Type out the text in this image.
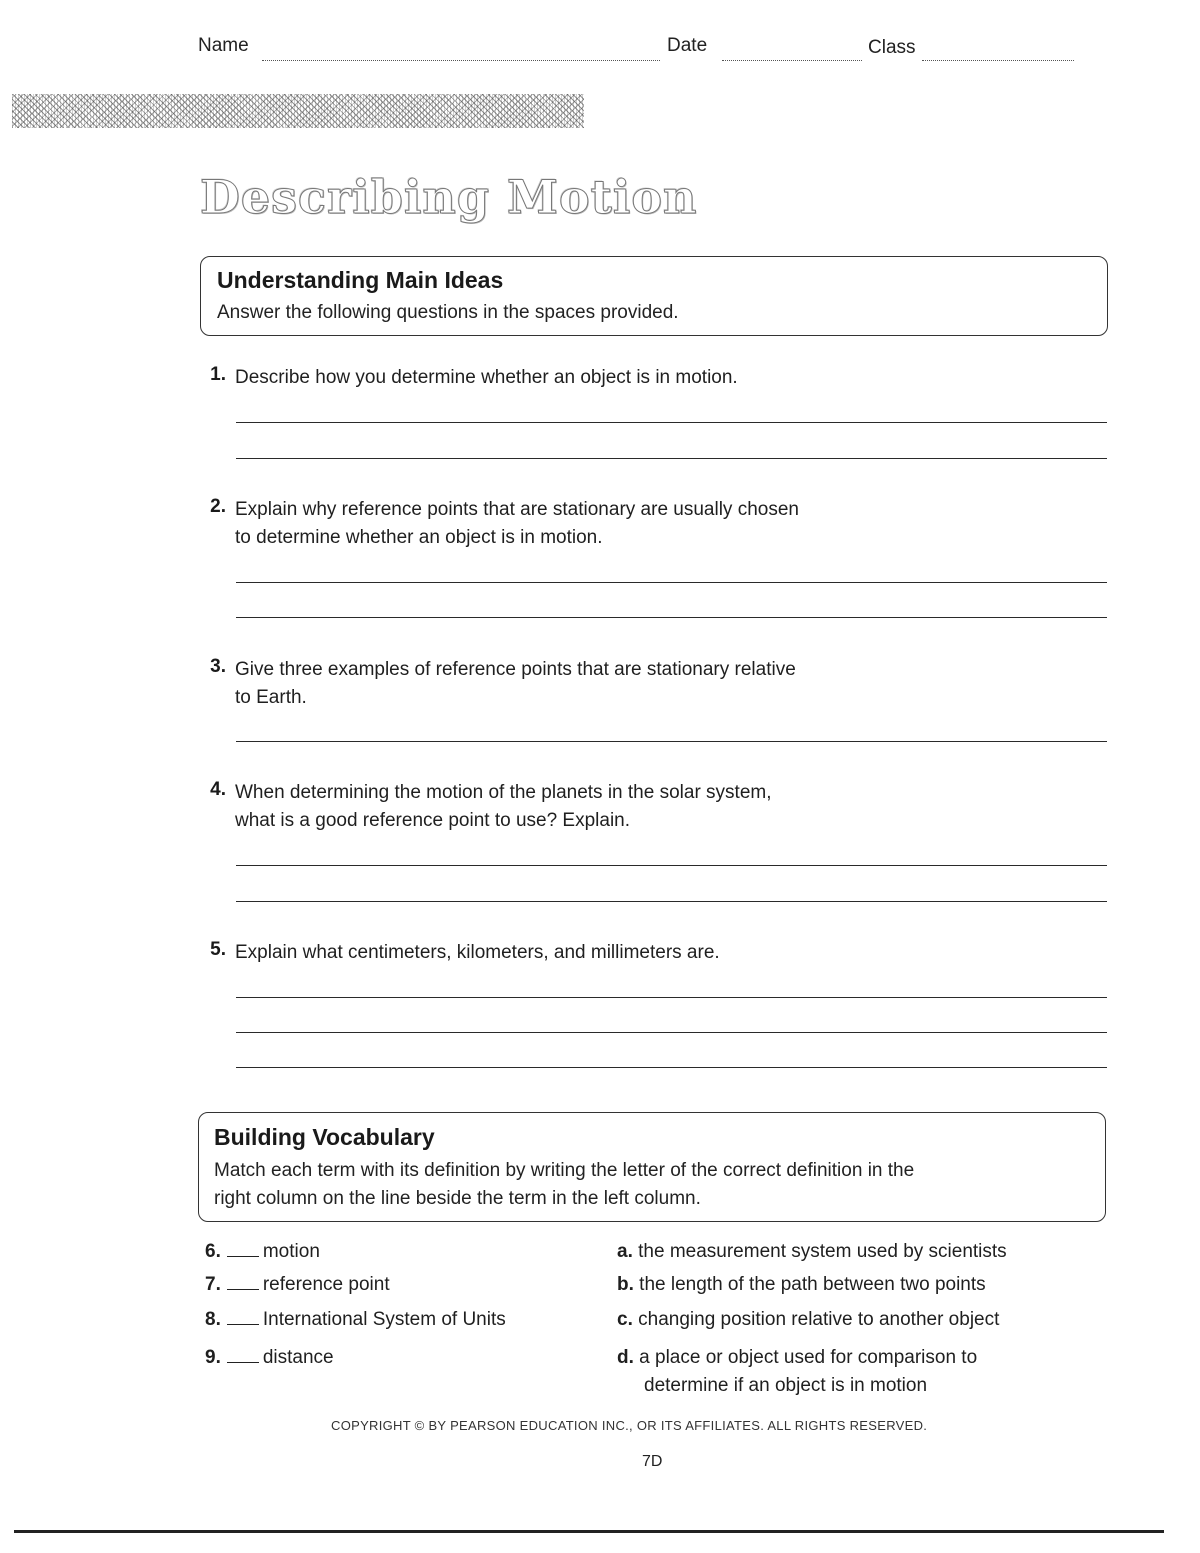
Name	Date	Class
Describing Motion
Understanding Main Ideas
Answer the following questions in the spaces provided.
1. Describe how you determine whether an object is in motion.
2. Explain why reference points that are stationary are usually chosen
to determine whether an object is in motion.
3. Give three examples of reference points that are stationary relative
to Earth.
4. When determining the motion of the planets in the solar system,
what is a good reference point to use? Explain.
5. Explain what centimeters, kilometers, and millimeters are.
Building Vocabulary
Match each term with its definition by writing the letter of the correct definition in the
right column on the line beside the term in the left column.
6. motion
7. reference point
8. International System of Units
9. distance
a. the measurement system used by scientists
b. the length of the path between two points
c. changing position relative to another object
d. a place or object used for comparison to
determine if an object is in motion
COPYRIGHT © BY PEARSON EDUCATION INC., OR ITS AFFILIATES. ALL RIGHTS RESERVED.
7D
